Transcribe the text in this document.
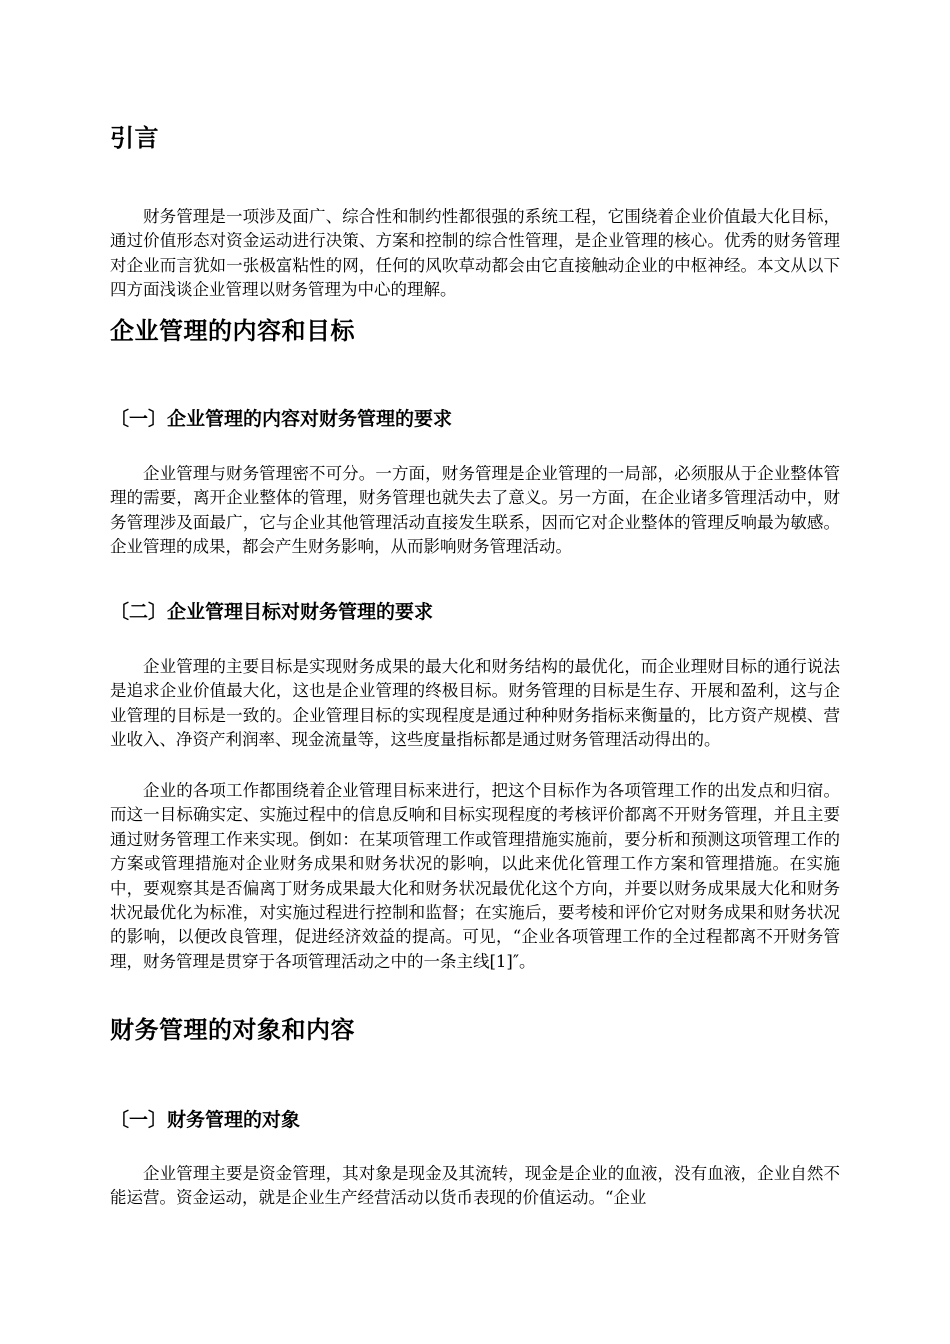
引言

财务管理是一项涉及面广、综合性和制约性都很强的系统工程，它围绕着企业价值最大化目标，通过价值形态对资金运动进行决策、方案和控制的综合性管理，是企业管理的核心。优秀的财务管理对企业而言犹如一张极富粘性的网，任何的风吹草动都会由它直接触动企业的中枢神经。本文从以下四方面浅谈企业管理以财务管理为中心的理解。

企业管理的内容和目标
〔一〕企业管理的内容对财务管理的要求

企业管理与财务管理密不可分。一方面，财务管理是企业管理的一局部，必须服从于企业整体管理的需要，离开企业整体的管理，财务管理也就失去了意义。另一方面，在企业诸多管理活动中，财务管理涉及面最广，它与企业其他管理活动直接发生联系，因而它对企业整体的管理反响最为敏感。企业管理的成果，都会产生财务影响，从而影响财务管理活动。

〔二〕企业管理目标对财务管理的要求

企业管理的主要目标是实现财务成果的最大化和财务结构的最优化，而企业理财目标的通行说法是追求企业价值最大化，这也是企业管理的终极目标。财务管理的目标是生存、开展和盈利，这与企业管理的目标是一致的。企业管理目标的实现程度是通过种种财务指标来衡量的，比方资产规模、营业收入、净资产利润率、现金流量等，这些度量指标都是通过财务管理活动得出的。

企业的各项工作都围绕着企业管理目标来进行，把这个目标作为各项管理工作的出发点和归宿。而这一目标确实定、实施过程中的信息反响和目标实现程度的考核评价都离不开财务管理，并且主要通过财务管理工作来实现。倒如：在某项管理工作或管理措施实施前，要分析和预测这项管理工作的方案或管理措施对企业财务成果和财务状况的影响，以此来优化管理工作方案和管理措施。在实施中，要观察其是否偏离丁财务成果最大化和财务状况最优化这个方向，并要以财务成果晟大化和财务状况最优化为标准，对实施过程进行控制和监督；在实施后，要考棱和评价它对财务成果和财务状况的影响，以便改良管理，促进经济效益的提高。可见，“企业各项管理工作的全过程都离不开财务管理，财务管理是贯穿于各项管理活动之中的一条主线[1]″。

财务管理的对象和内容
〔一〕财务管理的对象

企业管理主要是资金管理，其对象是现金及其流转，现金是企业的血液，没有血液，企业自然不能运营。资金运动，就是企业生产经营活动以货币表现的价值运动。“企业
